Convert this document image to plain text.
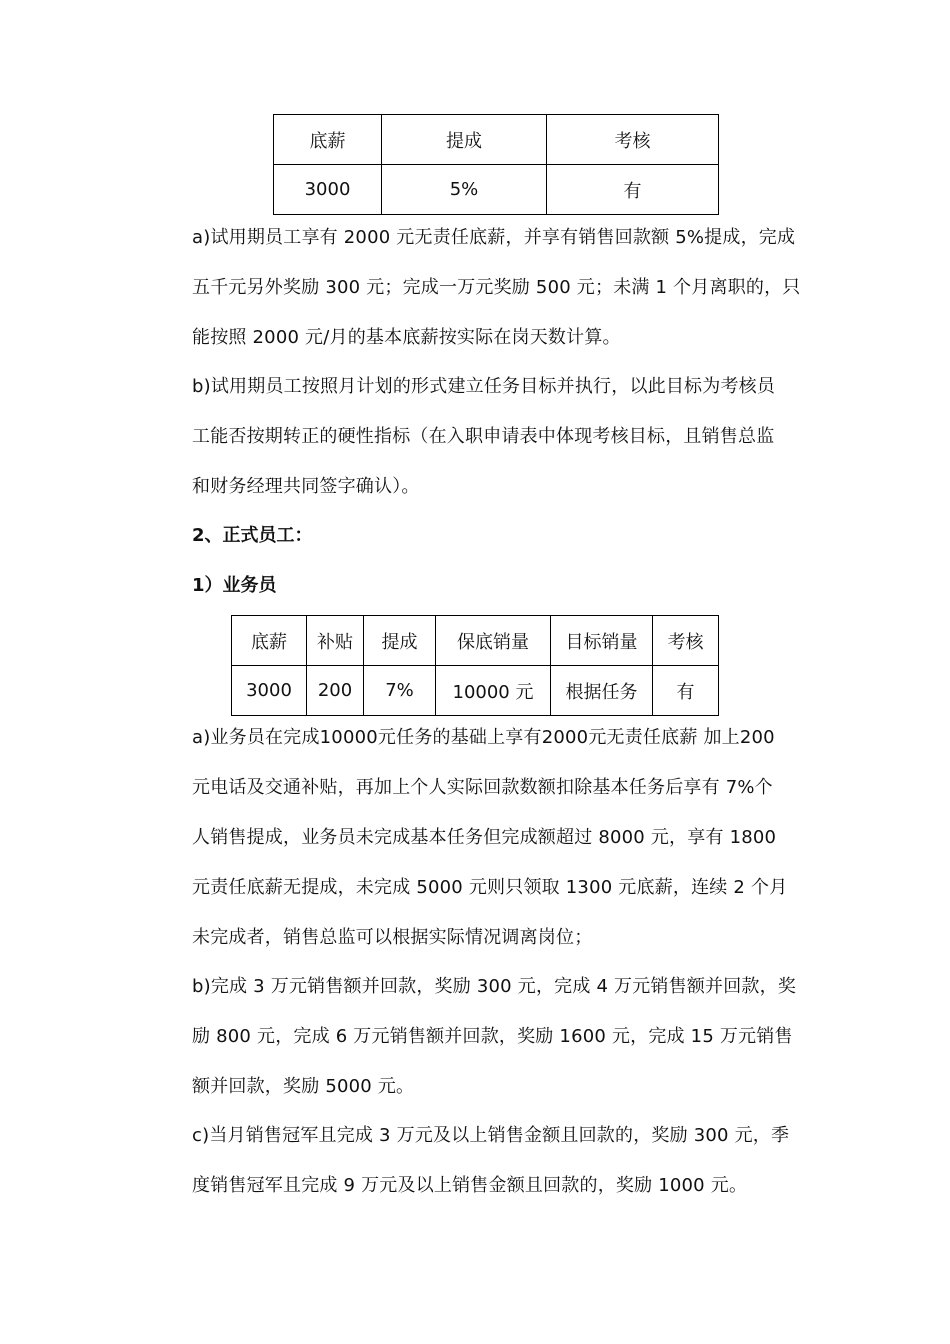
底薪	提成	考核
3000	5%	有
a)试用期员工享有 2000 元无责任底薪，并享有销售回款额 5%提成，完成
五千元另外奖励 300 元；完成一万元奖励 500 元；未满 1 个月离职的，只
能按照 2000 元/月的基本底薪按实际在岗天数计算。
b)试用期员工按照月计划的形式建立任务目标并执行，以此目标为考核员
工能否按期转正的硬性指标（在入职申请表中体现考核目标，且销售总监
和财务经理共同签字确认）。
2、正式员工：
1）业务员
底薪	补贴	提成	保底销量	目标销量	考核
3000	200	7%	10000 元	根据任务	有
a)业务员在完成10000元任务的基础上享有2000元无责任底薪 加上200
元电话及交通补贴，再加上个人实际回款数额扣除基本任务后享有 7%个
人销售提成，业务员未完成基本任务但完成额超过 8000 元，享有 1800
元责任底薪无提成，未完成 5000 元则只领取 1300 元底薪，连续 2 个月
未完成者，销售总监可以根据实际情况调离岗位；
b)完成 3 万元销售额并回款，奖励 300 元，完成 4 万元销售额并回款，奖
励 800 元，完成 6 万元销售额并回款，奖励 1600 元，完成 15 万元销售
额并回款，奖励 5000 元。
c)当月销售冠军且完成 3 万元及以上销售金额且回款的，奖励 300 元，季
度销售冠军且完成 9 万元及以上销售金额且回款的，奖励 1000 元。
